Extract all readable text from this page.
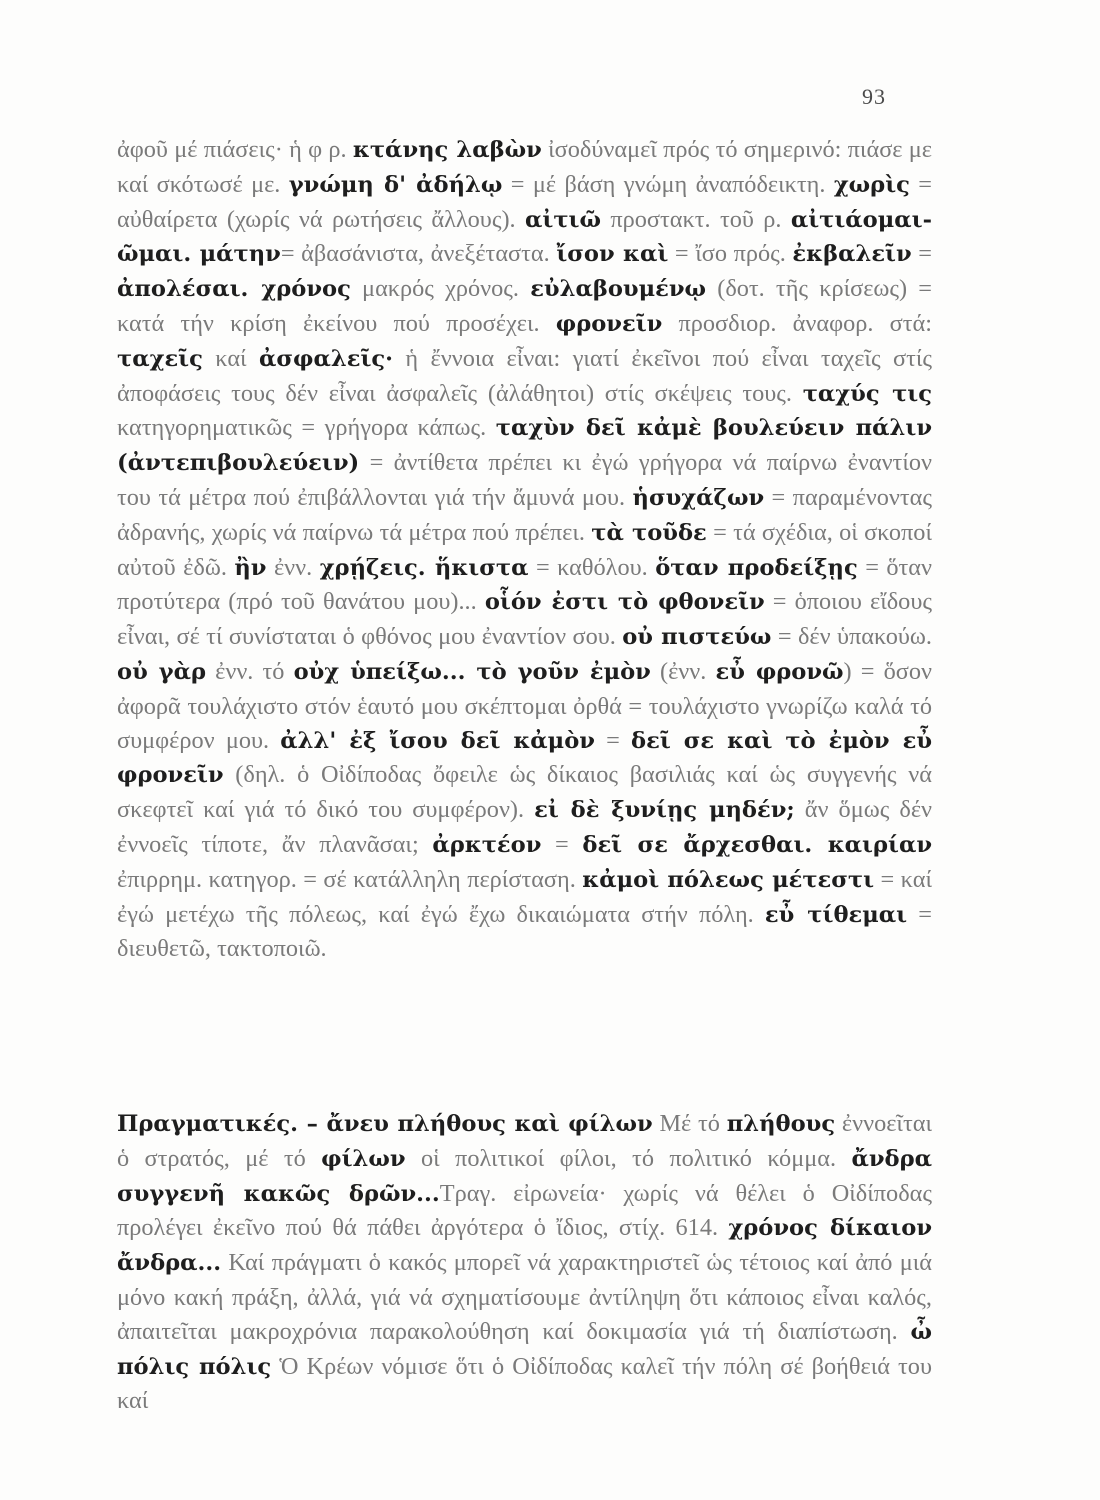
93
ἀφοῦ μέ πιάσεις· ἡ φ ρ. κτάνης λαβὼν ἰσοδύναμεῖ πρός τό σημερινό: πιάσε με καί σκότωσέ με. γνώμη δ' ἀδήλῳ = μέ βάση γνώμη ἀναπόδεικτη. χωρὶς = αὐθαίρετα (χωρίς νά ρωτήσεις ἄλλους). αἰτιῶ προστακτ. τοῦ ρ. αἰτιάομαι-ῶμαι. μάτην= ἀβασάνιστα, ἀνεξέταστα. ἴσον καὶ = ἴσο πρός. ἐκβαλεῖν = ἀπολέσαι. χρόνος μακρός χρόνος. εὐλαβουμένῳ (δοτ. τῆς κρίσεως) = κατά τήν κρίση ἐκείνου πού προσέχει. φρονεῖν προσδιορ. ἀναφορ. στά: ταχεῖς καί ἀσφαλεῖς· ἡ ἔννοια εἶναι: γιατί ἐκεῖνοι πού εἶναι ταχεῖς στίς ἀποφάσεις τους δέν εἶναι ἀσφαλεῖς (ἀλάθητοι) στίς σκέψεις τους. ταχύς τις κατηγορηματικῶς = γρήγορα κάπως. ταχὺν δεῖ κἀμὲ βουλεύειν πάλιν (ἀντεπιβουλεύειν) = ἀντίθετα πρέπει κι ἐγώ γρήγορα νά παίρνω ἐναντίον του τά μέτρα πού ἐπιβάλλονται γιά τήν ἄμυνά μου. ἡσυχάζων = παραμένοντας ἀδρανής, χωρίς νά παίρνω τά μέτρα πού πρέπει. τὰ τοῦδε = τά σχέδια, οἱ σκοποί αὐτοῦ ἐδῶ. ἢν ἐνν. χρῄζεις. ἥκιστα = καθόλου. ὅταν προδείξῃς = ὅταν προτύτερα (πρό τοῦ θανάτου μου)... οἷόν ἐστι τὸ φθονεῖν = ὁποιου εἴδους εἶναι, σέ τί συνίσταται ὁ φθόνος μου ἐναντίον σου. οὐ πιστεύω = δέν ὑπακούω. οὐ γὰρ ἐνν. τό οὐχ ὑπείξω... τὸ γοῦν ἐμὸν (ἐνν. εὖ φρονῶ) = ὅσον ἀφορᾶ τουλάχιστο στόν ἑαυτό μου σκέπτομαι ὀρθά = τουλάχιστο γνωρίζω καλά τό συμφέρον μου. ἀλλ' ἐξ ἴσου δεῖ κἀμὸν = δεῖ σε καὶ τὸ ἐμὸν εὖ φρονεῖν (δηλ. ὁ Οἰδίποδας ὄφειλε ὡς δίκαιος βασιλιάς καί ὡς συγγενής νά σκεφτεῖ καί γιά τό δικό του συμφέρον). εἰ δὲ ξυνίῃς μηδέν; ἄν ὅμως δέν ἐννοεῖς τίποτε, ἄν πλανᾶσαι; ἀρκτέον = δεῖ σε ἄρχεσθαι. καιρίαν ἐπιρρημ. κατηγορ. = σέ κατάλληλη περίσταση. κἀμοὶ πόλεως μέτεστι = καί ἐγώ μετέχω τῆς πόλεως, καί ἐγώ ἔχω δικαιώματα στήν πόλη. εὖ τίθεμαι = διευθετῶ, τακτοποιῶ.
Πραγματικές. – ἄνευ πλήθους καὶ φίλων Μέ τό πλήθους ἐννοεῖται ὁ στρατός, μέ τό φίλων οἱ πολιτικοί φίλοι, τό πολιτικό κόμμα. ἄνδρα συγγενῆ κακῶς δρῶν...Τραγ. εἰρωνεία· χωρίς νά θέλει ὁ Οἰδίποδας προλέγει ἐκεῖνο πού θά πάθει ἀργότερα ὁ ἴδιος, στίχ. 614. χρόνος δίκαιον ἄνδρα... Καί πράγματι ὁ κακός μπορεῖ νά χαρακτηριστεῖ ὡς τέτοιος καί ἀπό μιά μόνο κακή πράξη, ἀλλά, γιά νά σχηματίσουμε ἀντίληψη ὅτι κάποιος εἶναι καλός, ἀπαιτεῖται μακροχρόνια παρακολούθηση καί δοκιμασία γιά τή διαπίστωση. ὦ πόλις πόλις Ὁ Κρέων νόμισε ὅτι ὁ Οἰδίποδας καλεῖ τήν πόλη σέ βοήθειά του καί
